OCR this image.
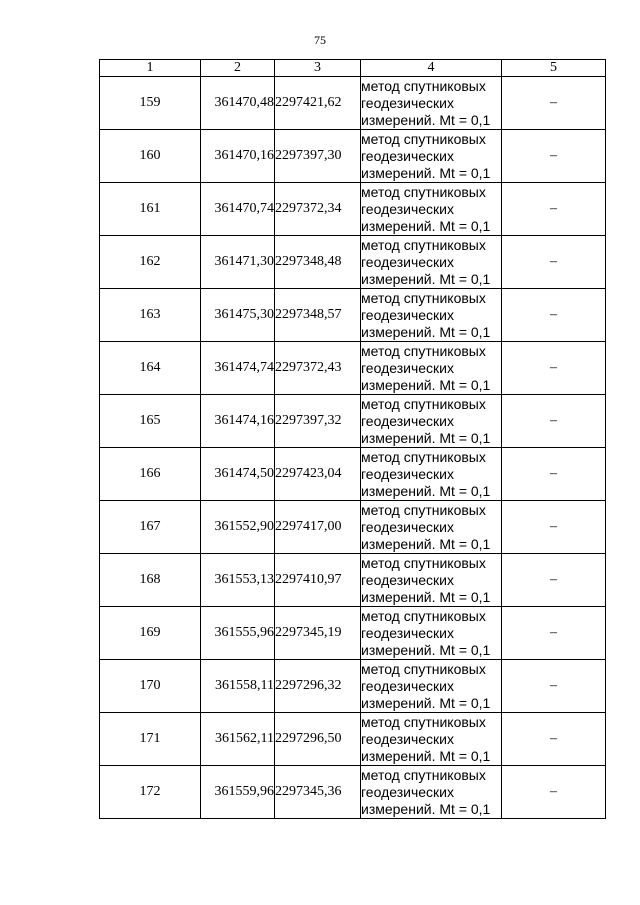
75
1	2	3	4	5
159	361470,48	2297421,62	метод спутниковых
геодезических
измерений. Mt = 0,1	–
160	361470,16	2297397,30	метод спутниковых
геодезических
измерений. Mt = 0,1	–
161	361470,74	2297372,34	метод спутниковых
геодезических
измерений. Mt = 0,1	–
162	361471,30	2297348,48	метод спутниковых
геодезических
измерений. Mt = 0,1	–
163	361475,30	2297348,57	метод спутниковых
геодезических
измерений. Mt = 0,1	–
164	361474,74	2297372,43	метод спутниковых
геодезических
измерений. Mt = 0,1	–
165	361474,16	2297397,32	метод спутниковых
геодезических
измерений. Mt = 0,1	–
166	361474,50	2297423,04	метод спутниковых
геодезических
измерений. Mt = 0,1	–
167	361552,90	2297417,00	метод спутниковых
геодезических
измерений. Mt = 0,1	–
168	361553,13	2297410,97	метод спутниковых
геодезических
измерений. Mt = 0,1	–
169	361555,96	2297345,19	метод спутниковых
геодезических
измерений. Mt = 0,1	–
170	361558,11	2297296,32	метод спутниковых
геодезических
измерений. Mt = 0,1	–
171	361562,11	2297296,50	метод спутниковых
геодезических
измерений. Mt = 0,1	–
172	361559,96	2297345,36	метод спутниковых
геодезических
измерений. Mt = 0,1	–
